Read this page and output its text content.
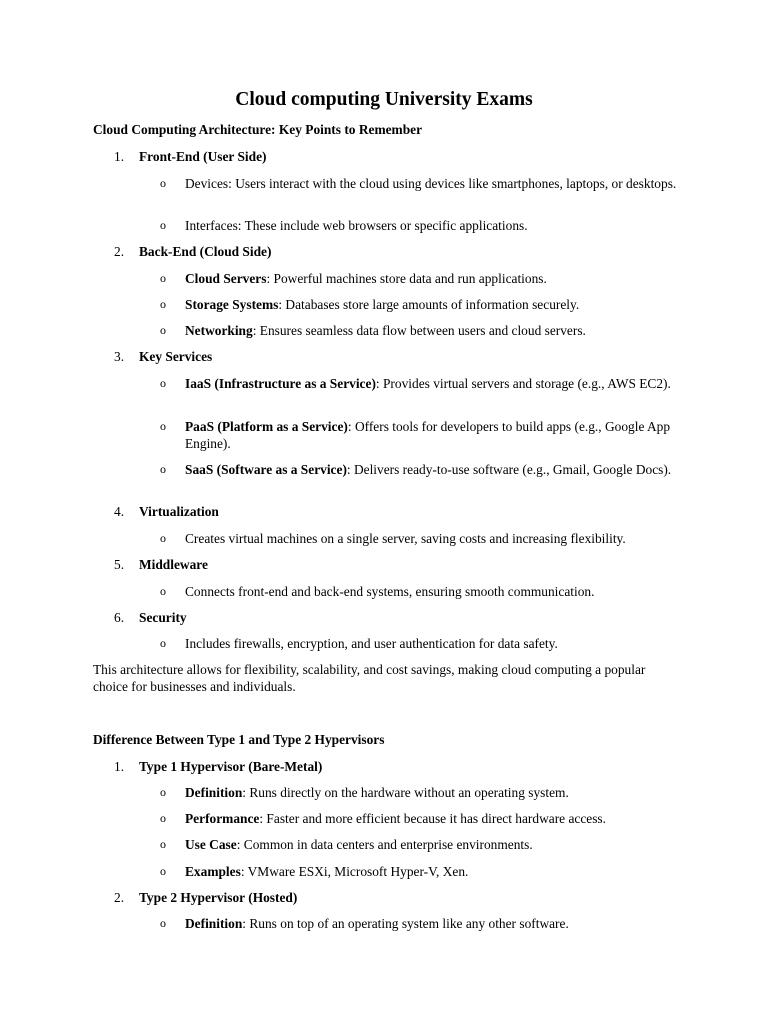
Cloud computing University Exams
Cloud Computing Architecture: Key Points to Remember
1.	Front-End (User Side)
o Devices: Users interact with the cloud using devices like smartphones, laptops, or desktops.
o Interfaces: These include web browsers or specific applications.
2.	Back-End (Cloud Side)
o Cloud Servers: Powerful machines store data and run applications.
o Storage Systems: Databases store large amounts of information securely.
o Networking: Ensures seamless data flow between users and cloud servers.
3.	Key Services
o IaaS (Infrastructure as a Service): Provides virtual servers and storage (e.g., AWS EC2).
o PaaS (Platform as a Service): Offers tools for developers to build apps (e.g., Google App Engine).
o SaaS (Software as a Service): Delivers ready-to-use software (e.g., Gmail, Google Docs).
4.	Virtualization
o Creates virtual machines on a single server, saving costs and increasing flexibility.
5.	Middleware
o Connects front-end and back-end systems, ensuring smooth communication.
6.	Security
o Includes firewalls, encryption, and user authentication for data safety.
This architecture allows for flexibility, scalability, and cost savings, making cloud computing a popular choice for businesses and individuals.
Difference Between Type 1 and Type 2 Hypervisors
1.	Type 1 Hypervisor (Bare-Metal)
o Definition: Runs directly on the hardware without an operating system.
o Performance: Faster and more efficient because it has direct hardware access.
o Use Case: Common in data centers and enterprise environments.
o Examples: VMware ESXi, Microsoft Hyper-V, Xen.
2.	Type 2 Hypervisor (Hosted)
o Definition: Runs on top of an operating system like any other software.
